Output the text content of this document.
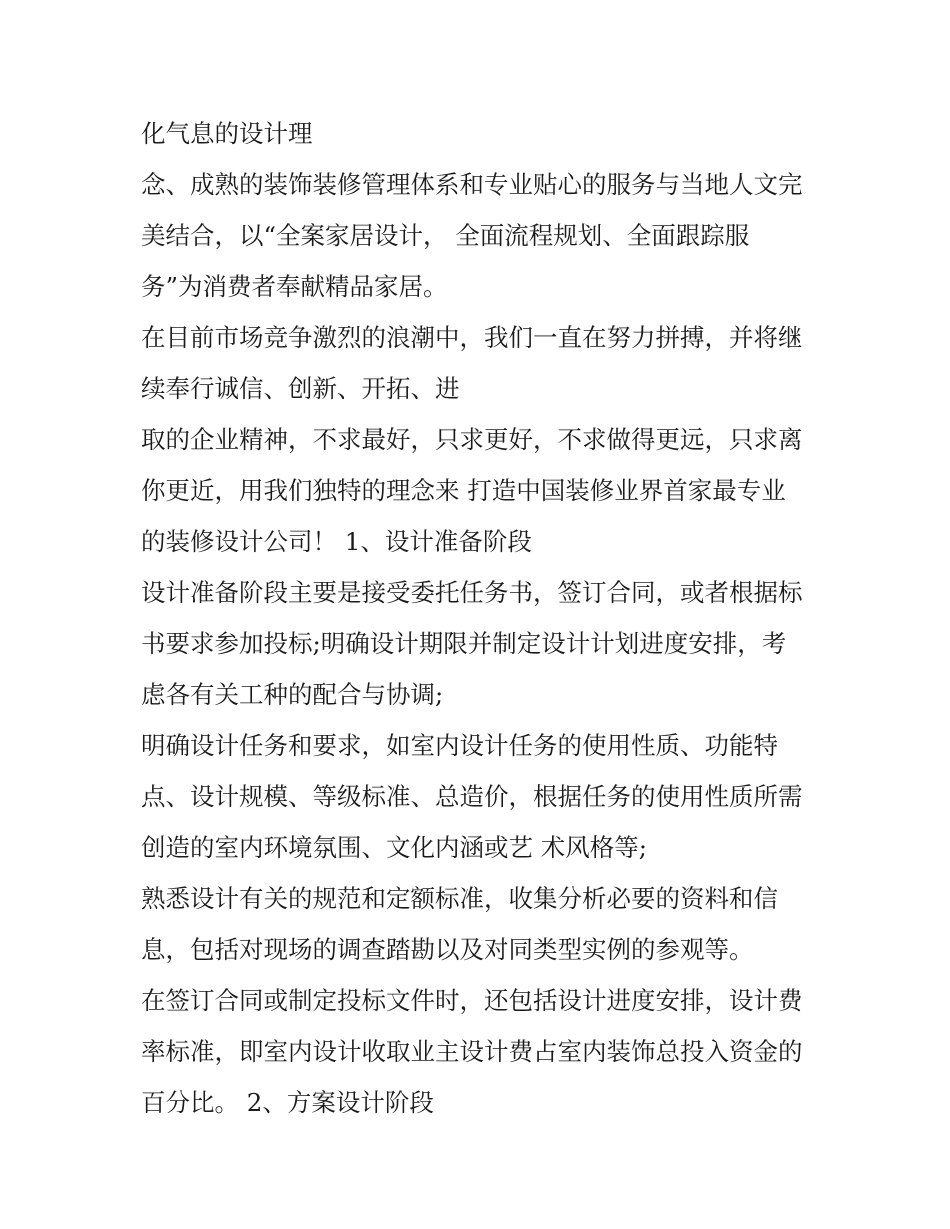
化气息的设计理
念、成熟的装饰装修管理体系和专业贴心的服务与当地人文完
美结合，以“全案家居设计， 全面流程规划、全面跟踪服
务”为消费者奉献精品家居。
在目前市场竞争激烈的浪潮中，我们一直在努力拼搏，并将继
续奉行诚信、创新、开拓、进
取的企业精神，不求最好，只求更好，不求做得更远，只求离
你更近，用我们独特的理念来 打造中国装修业界首家最专业
的装修设计公司！ 1、设计准备阶段
设计准备阶段主要是接受委托任务书，签订合同，或者根据标
书要求参加投标;明确设计期限并制定设计计划进度安排，考
虑各有关工种的配合与协调;
明确设计任务和要求，如室内设计任务的使用性质、功能特
点、设计规模、等级标准、总造价，根据任务的使用性质所需
创造的室内环境氛围、文化内涵或艺 术风格等;
熟悉设计有关的规范和定额标准，收集分析必要的资料和信
息，包括对现场的调查踏勘以及对同类型实例的参观等。
在签订合同或制定投标文件时，还包括设计进度安排，设计费
率标准，即室内设计收取业主设计费占室内装饰总投入资金的
百分比。 2、方案设计阶段
